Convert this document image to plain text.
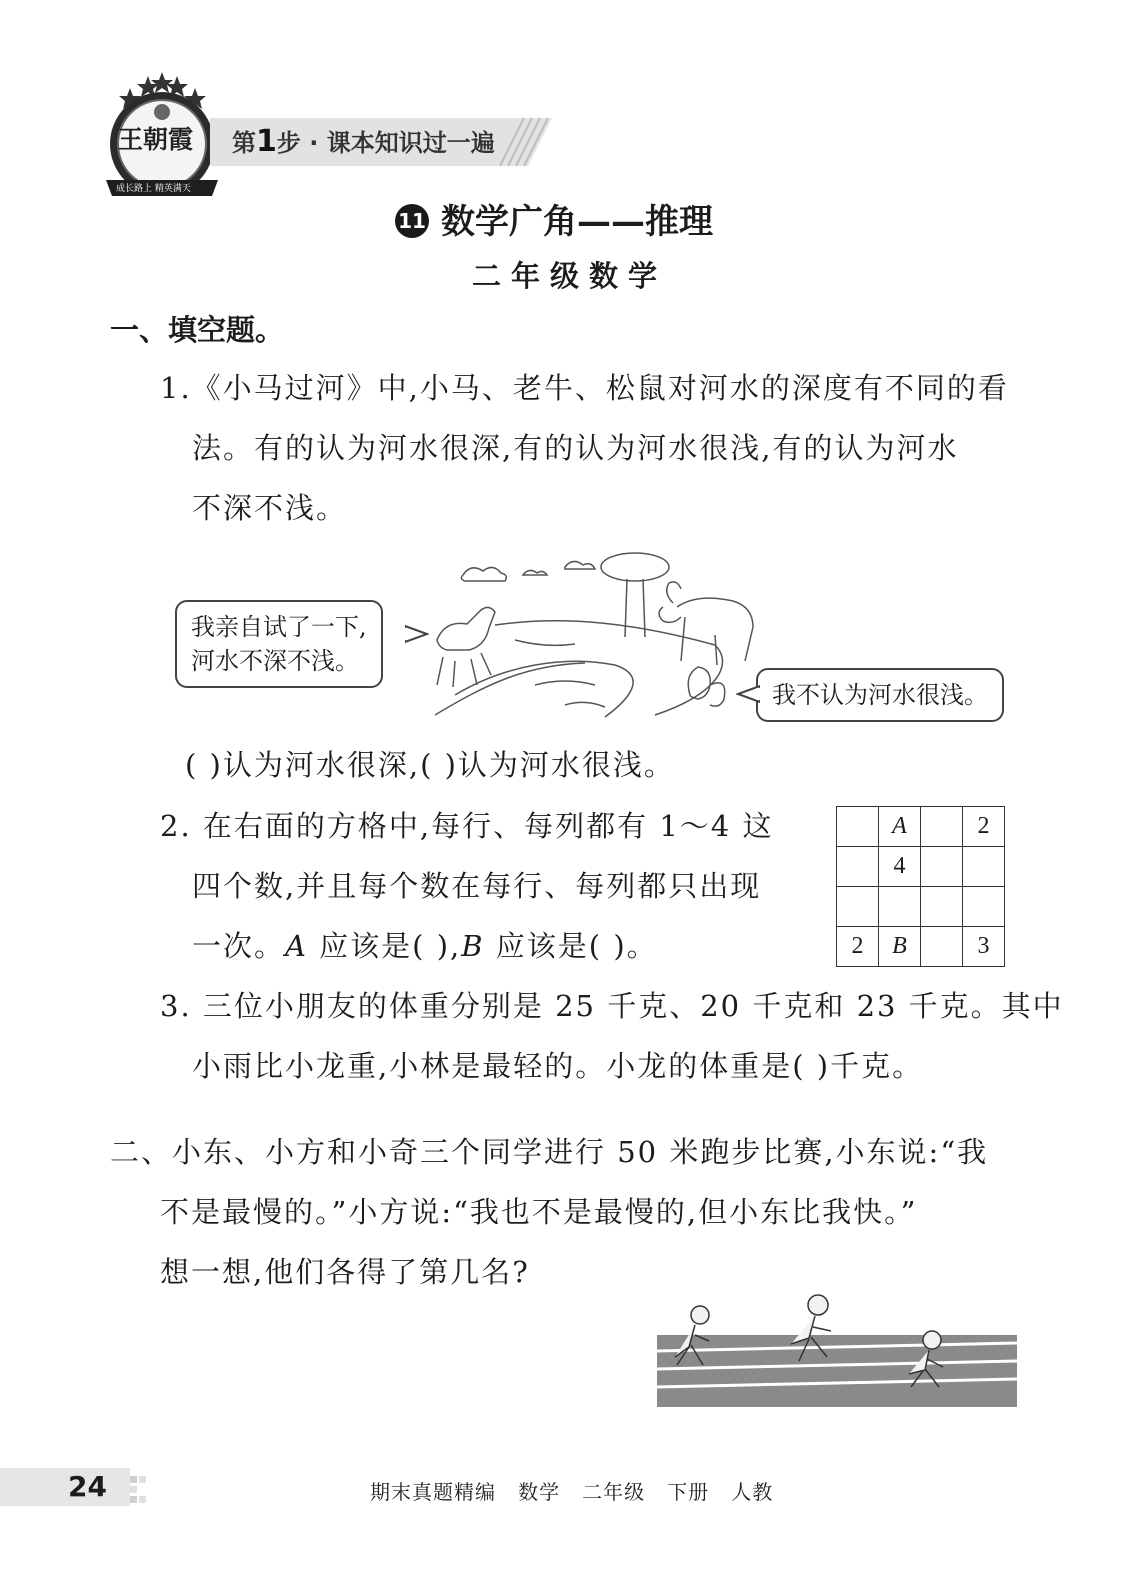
王朝霞
成长路上 精英满天
第1步 · 课本知识过一遍
11 数学广角——推理
二年级数学
一、填空题。
1.《小马过河》中,小马、老牛、松鼠对河水的深度有不同的看
法。有的认为河水很深,有的认为河水很浅,有的认为河水
不深不浅。
我亲自试了一下,
河水不深不浅。
我不认为河水很浅。
( )认为河水很深,( )认为河水很浅。
2. 在右面的方格中,每行、每列都有 1～4 这
四个数,并且每个数在每行、每列都只出现
一次。A 应该是( ),B 应该是( )。
	A		2
	4		

2	B		3
3. 三位小朋友的体重分别是 25 千克、20 千克和 23 千克。其中
小雨比小龙重,小林是最轻的。小龙的体重是( )千克。
二、小东、小方和小奇三个同学进行 50 米跑步比赛,小东说:“我
不是最慢的。”小方说:“我也不是最慢的,但小东比我快。”
想一想,他们各得了第几名?
24	期末真题精编   数学   二年级   下册   人教
